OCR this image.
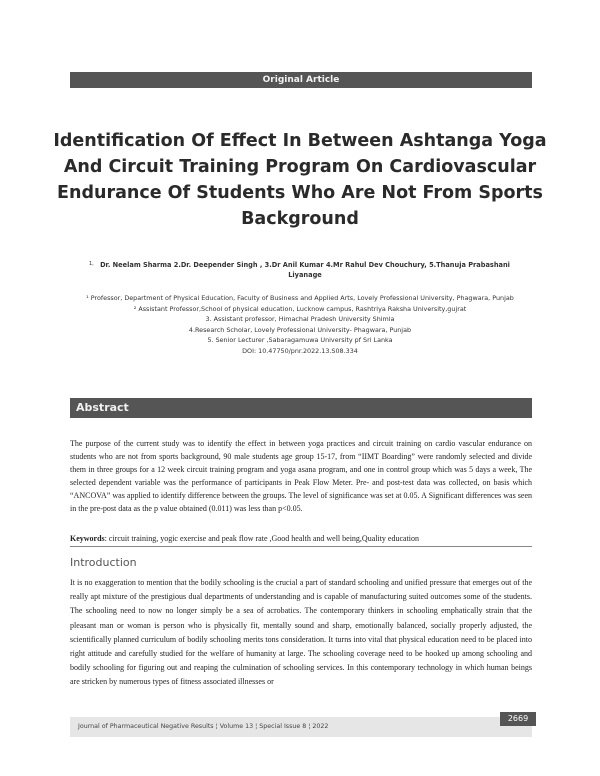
Original Article
Identification Of Effect In Between Ashtanga Yoga And Circuit Training Program On Cardiovascular Endurance Of Students Who Are Not From Sports Background
1, Dr. Neelam Sharma 2.Dr. Deepender Singh , 3.Dr Anil Kumar 4.Mr Rahul Dev Chouchury, 5.Thanuja Prabashani Liyanage
¹ Professor, Department of Physical Education, Faculty of Business and Applied Arts, Lovely Professional University, Phagwara, Punjab
² Assistant Professor,School of physical education, Lucknow campus, Rashtriya Raksha University,gujrat
3. Assistant professor, Himachal Pradesh University Shimla
4.Research Scholar, Lovely Professional University- Phagwara, Punjab
5. Senior Lecturer ,Sabaragamuwa University pf Sri Lanka
DOI: 10.47750/pnr.2022.13.S08.334
Abstract
The purpose of the current study was to identify the effect in between yoga practices and circuit training on cardio vascular endurance on students who are not from sports background, 90 male students age group 15-17, from “IIMT Boarding” were randomly selected and divide them in three groups for a 12 week circuit training program and yoga asana program, and one in control group which was 5 days a week, The selected dependent variable was the performance of participants in Peak Flow Meter. Pre- and post-test data was collected, on basis which “ANCOVA” was applied to identify difference between the groups. The level of significance was set at 0.05. A Significant differences was seen in the pre-post data as the p value obtained (0.011) was less than p<0.05.
Keywords: circuit training, yogic exercise and peak flow rate ,Good health and well being,Quality education
Introduction
It is no exaggeration to mention that the bodily schooling is the crucial a part of standard schooling and unified pressure that emerges out of the really apt mixture of the prestigious dual departments of understanding and is capable of manufacturing suited outcomes some of the students. The schooling need to now no longer simply be a sea of acrobatics. The contemporary thinkers in schooling emphatically strain that the pleasant man or woman is person who is physically fit, mentally sound and sharp, emotionally balanced, socially properly adjusted, the scientifically planned curriculum of bodily schooling merits tons consideration. It turns into vital that physical education need to be placed into right attitude and carefully studied for the welfare of humanity at large. The schooling coverage need to be hooked up among schooling and bodily schooling for figuring out and reaping the culmination of schooling services. In this contemporary technology in which human beings are stricken by numerous types of fitness associated illnesses or
Journal of Pharmaceutical Negative Results ¦ Volume 13 ¦ Special Issue 8 ¦ 2022
2669
